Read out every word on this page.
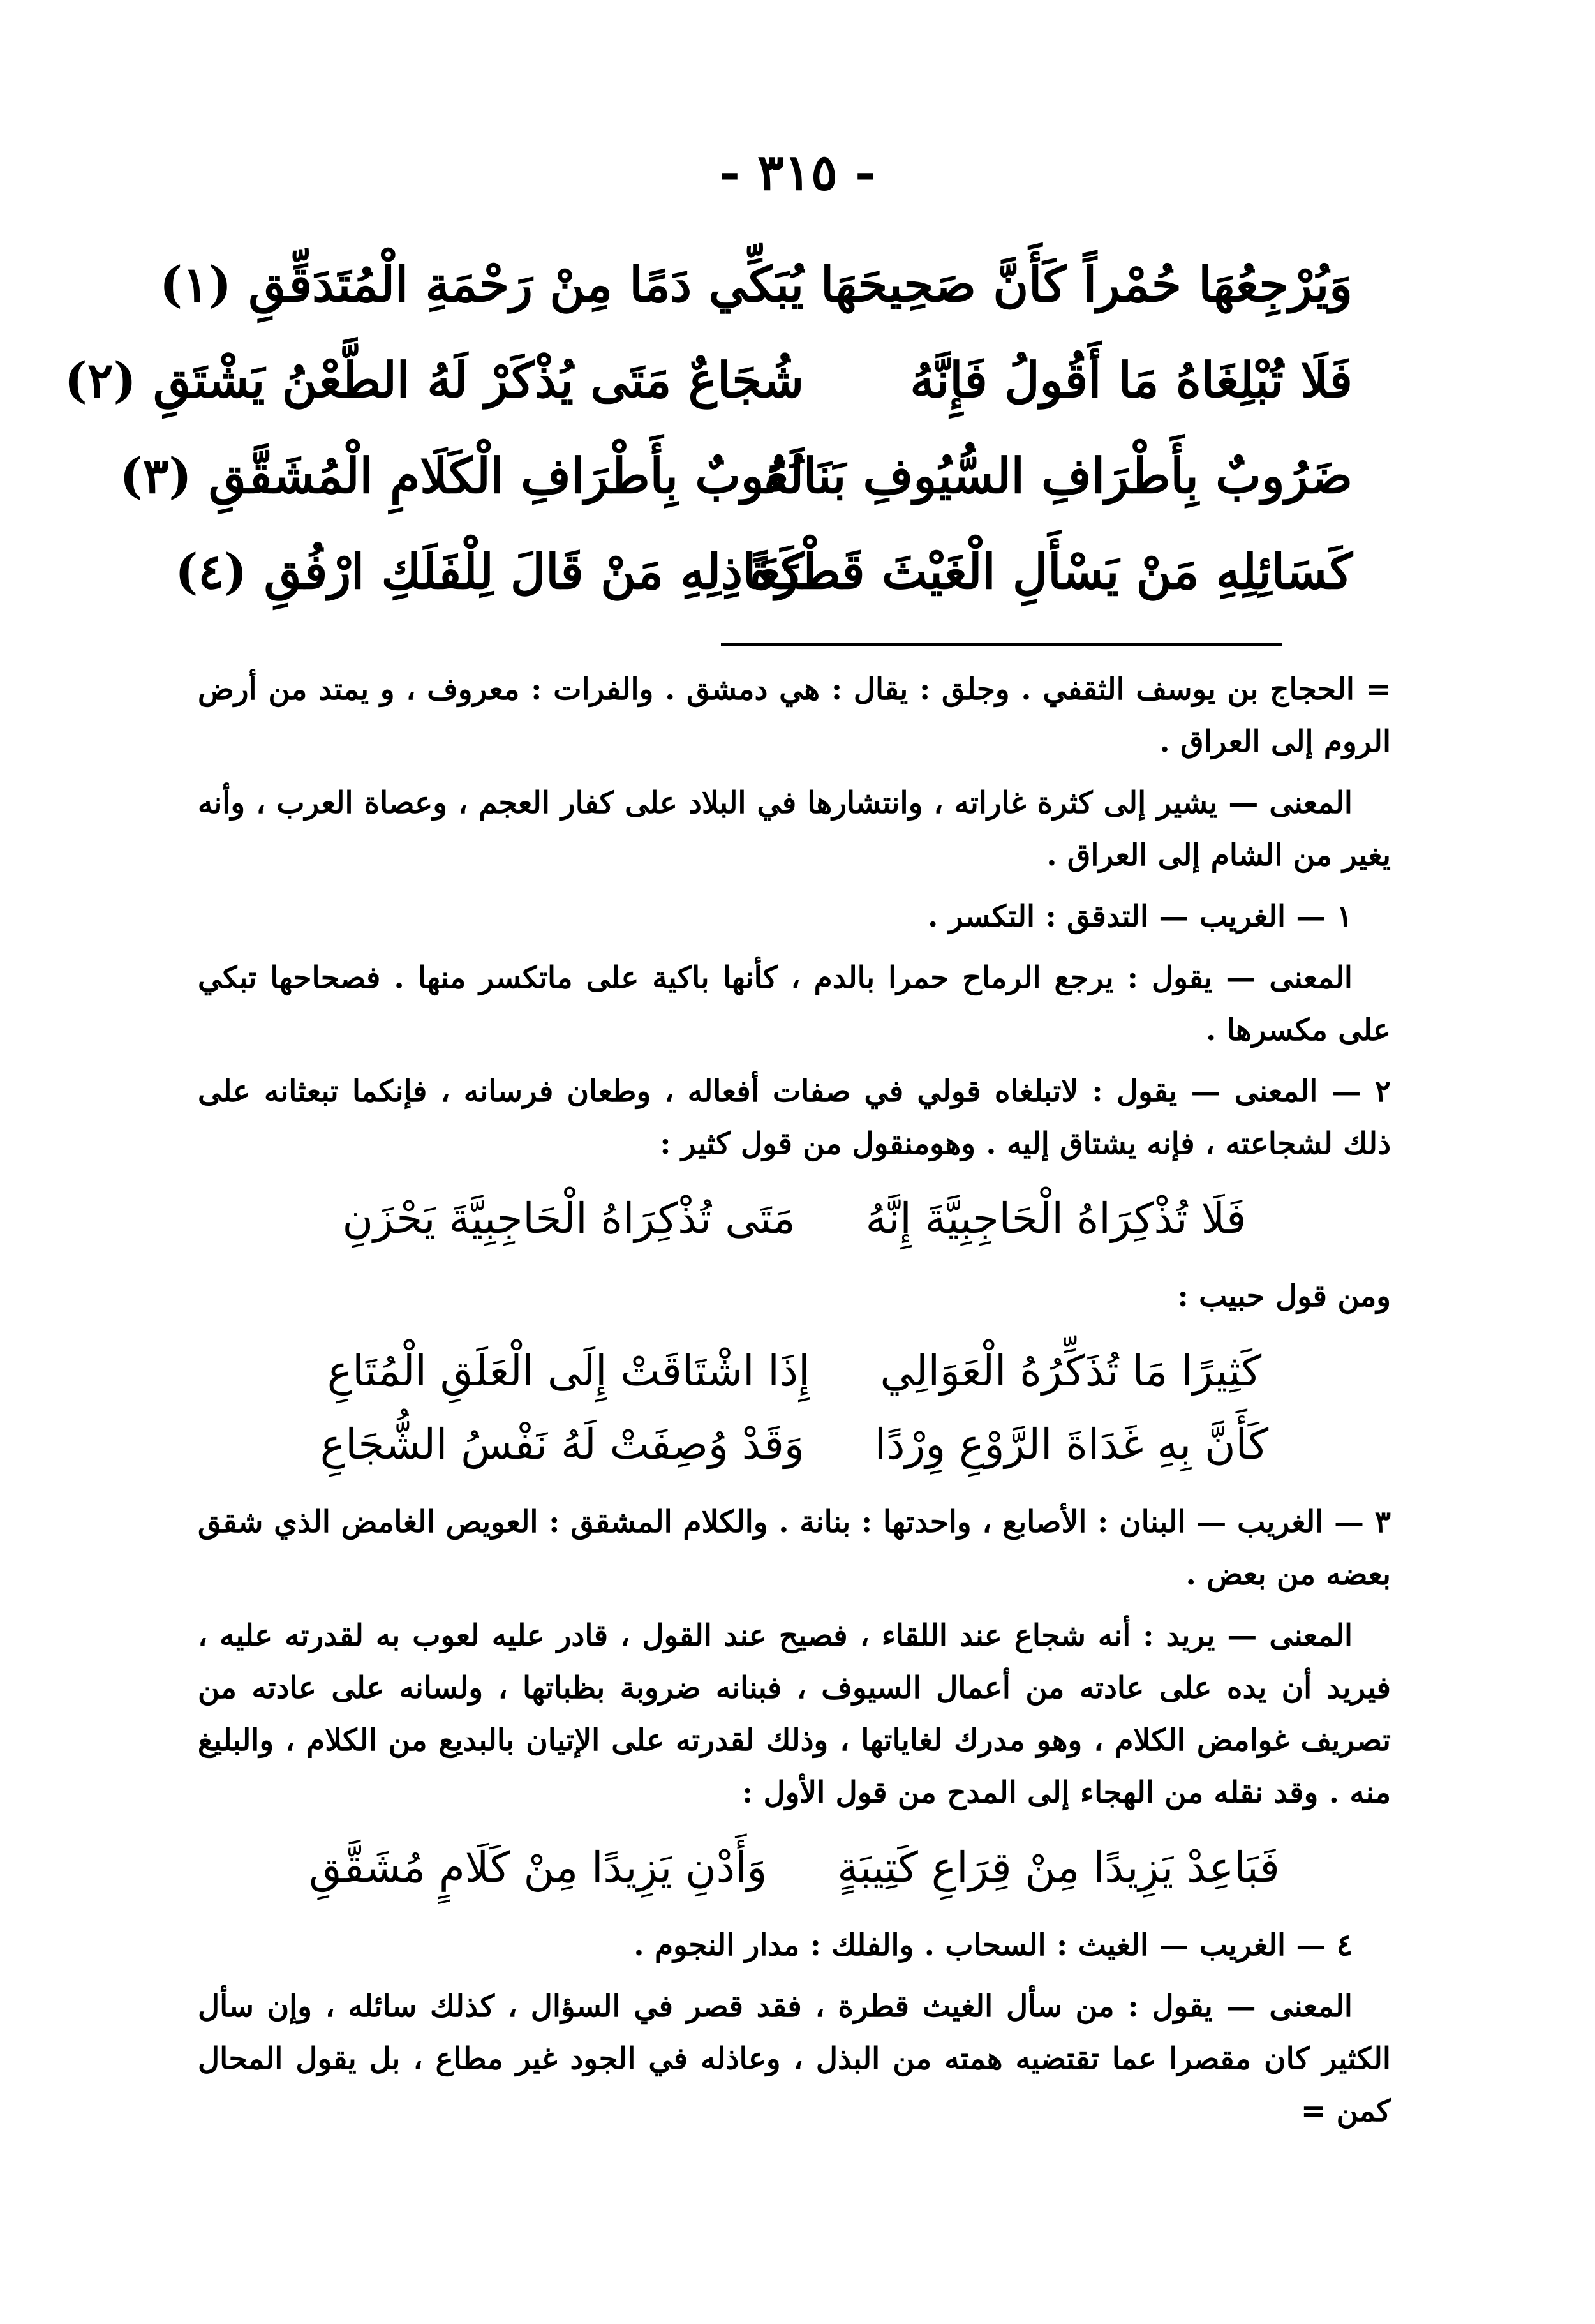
- ٣١٥ -
وَيُرْجِعُهَا حُمْراً كَأَنَّ صَحِيحَهَا
يُبَكِّي دَمًا مِنْ رَحْمَةِ الْمُتَدَقِّقِ (١)
فَلَا تُبْلِغَاهُ مَا أَقُولُ فَإِنَّهُ
شُجَاعٌ مَتَى يُذْكَرْ لَهُ الطَّعْنُ يَشْتَقِ (٢)
ضَرُوبٌ بِأَطْرَافِ السُّيُوفِ بَنَانُهُ
لَعُوبٌ بِأَطْرَافِ الْكَلَامِ الْمُشَقَّقِ (٣)
كَسَائِلِهِ مَنْ يَسْأَلِ الْغَيْثَ قَطْرَةً
كَعَاذِلِهِ مَنْ قَالَ لِلْفَلَكِ ارْفُقِ (٤)

= الحجاج بن يوسف الثقفي . وجلق : يقال : هي دمشق . والفرات : معروف ، و يمتد من أرض الروم إلى العراق .

المعنى — يشير إلى كثرة غاراته ، وانتشارها في البلاد على كفار العجم ، وعصاة العرب ، وأنه يغير من الشام إلى العراق .

١ — الغريب — التدقق : التكسر .

المعنى — يقول : يرجع الرماح حمرا بالدم ، كأنها باكية على ماتكسر منها . فصحاحها تبكي على مكسرها .

٢ — المعنى — يقول : لاتبلغاه قولي في صفات أفعاله ، وطعان فرسانه ، فإنكما تبعثانه على ذلك لشجاعته ، فإنه يشتاق إليه . وهومنقول من قول كثير :

فَلَا تُذْكِرَاهُ الْحَاجِبِيَّةَ إِنَّهُ
مَتَى تُذْكِرَاهُ الْحَاجِبِيَّةَ يَحْزَنِ

ومن قول حبيب :

كَثِيرًا مَا تُذَكِّرُهُ الْعَوَالِي
إِذَا اشْتَاقَتْ إِلَى الْعَلَقِ الْمُتَاعِ
كَأَنَّ بِهِ غَدَاةَ الرَّوْعِ وِرْدًا
وَقَدْ وُصِفَتْ لَهُ نَفْسُ الشُّجَاعِ

٣ — الغريب — البنان : الأصابع ، واحدتها : بنانة . والكلام المشقق : العويص الغامض الذي شقق بعضه من بعض .

المعنى — يريد : أنه شجاع عند اللقاء ، فصيح عند القول ، قادر عليه لعوب به لقدرته عليه ، فيريد أن يده على عادته من أعمال السيوف ، فبنانه ضروبة بظباتها ، ولسانه على عادته من تصريف غوامض الكلام ، وهو مدرك لغاياتها ، وذلك لقدرته على الإتيان بالبديع من الكلام ، والبليغ منه . وقد نقله من الهجاء إلى المدح من قول الأول :

فَبَاعِدْ يَزِيدًا مِنْ قِرَاعِ كَتِيبَةٍ
وَأَدْنِ يَزِيدًا مِنْ كَلَامٍ مُشَقَّقِ

٤ — الغريب — الغيث : السحاب . والفلك : مدار النجوم .

المعنى — يقول : من سأل الغيث قطرة ، فقد قصر في السؤال ، كذلك سائله ، وإن سأل الكثير كان مقصرا عما تقتضيه همته من البذل ، وعاذله في الجود غير مطاع ، بل يقول المحال كمن =
